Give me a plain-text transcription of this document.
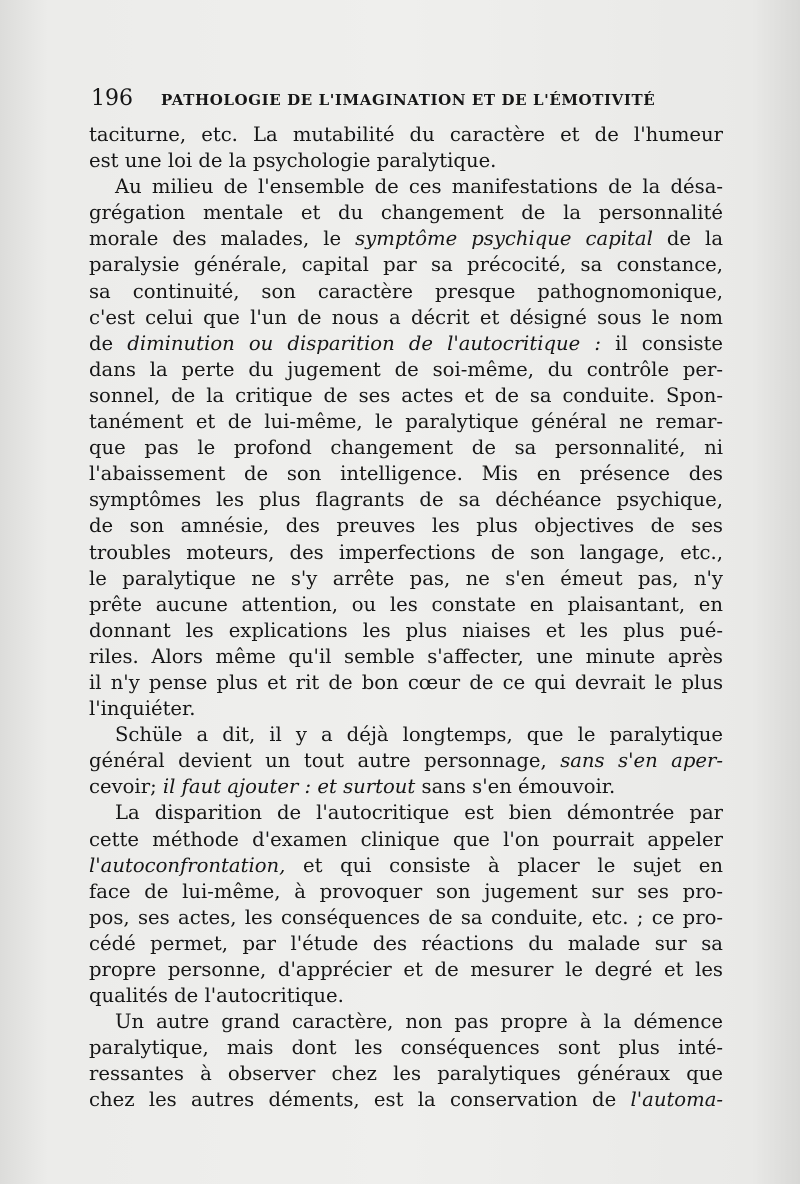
196 PATHOLOGIE DE L'IMAGINATION ET DE L'ÉMOTIVITÉ
taciturne, etc. La mutabilité du caractère et de l'humeur
est une loi de la psychologie paralytique.
Au milieu de l'ensemble de ces manifestations de la désa-
grégation mentale et du changement de la personnalité
morale des malades, le symptôme psychique capital de la
paralysie générale, capital par sa précocité, sa constance,
sa continuité, son caractère presque pathognomonique,
c'est celui que l'un de nous a décrit et désigné sous le nom
de diminution ou disparition de l'autocritique : il consiste
dans la perte du jugement de soi-même, du contrôle per-
sonnel, de la critique de ses actes et de sa conduite. Spon-
tanément et de lui-même, le paralytique général ne remar-
que pas le profond changement de sa personnalité, ni
l'abaissement de son intelligence. Mis en présence des
symptômes les plus flagrants de sa déchéance psychique,
de son amnésie, des preuves les plus objectives de ses
troubles moteurs, des imperfections de son langage, etc.,
le paralytique ne s'y arrête pas, ne s'en émeut pas, n'y
prête aucune attention, ou les constate en plaisantant, en
donnant les explications les plus niaises et les plus pué-
riles. Alors même qu'il semble s'affecter, une minute après
il n'y pense plus et rit de bon cœur de ce qui devrait le plus
l'inquiéter.
Schüle a dit, il y a déjà longtemps, que le paralytique
général devient un tout autre personnage, sans s'en aper-
cevoir; il faut ajouter : et surtout sans s'en émouvoir.
La disparition de l'autocritique est bien démontrée par
cette méthode d'examen clinique que l'on pourrait appeler
l'autoconfrontation, et qui consiste à placer le sujet en
face de lui-même, à provoquer son jugement sur ses pro-
pos, ses actes, les conséquences de sa conduite, etc. ; ce pro-
cédé permet, par l'étude des réactions du malade sur sa
propre personne, d'apprécier et de mesurer le degré et les
qualités de l'autocritique.
Un autre grand caractère, non pas propre à la démence
paralytique, mais dont les conséquences sont plus inté-
ressantes à observer chez les paralytiques généraux que
chez les autres déments, est la conservation de l'automa-
